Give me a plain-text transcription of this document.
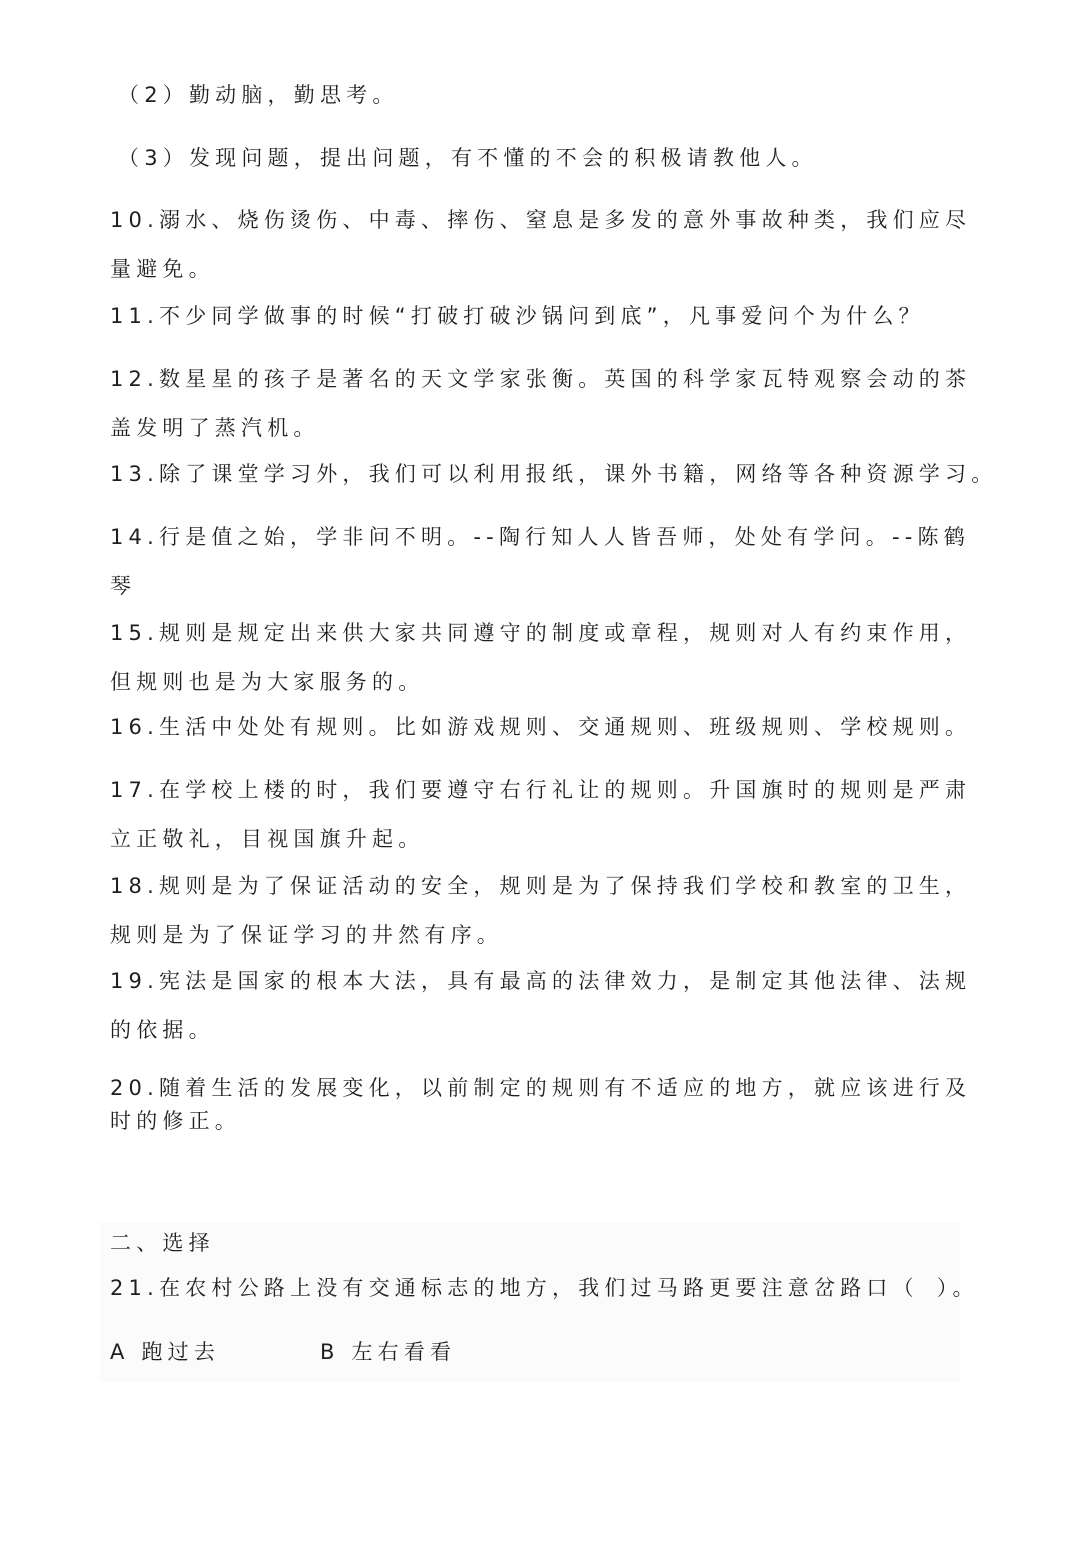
（2）勤动脑，勤思考。
（3）发现问题，提出问题，有不懂的不会的积极请教他人。
10.溺水、烧伤烫伤、中毒、摔伤、窒息是多发的意外事故种类，我们应尽
量避免。
11.不少同学做事的时候“打破打破沙锅问到底”，凡事爱问个为什么？
12.数星星的孩子是著名的天文学家张衡。英国的科学家瓦特观察会动的茶
盖发明了蒸汽机。
13.除了课堂学习外，我们可以利用报纸，课外书籍，网络等各种资源学习。
14.行是值之始，学非问不明。--陶行知人人皆吾师，处处有学问。--陈鹤
琴
15.规则是规定出来供大家共同遵守的制度或章程，规则对人有约束作用，
但规则也是为大家服务的。
16.生活中处处有规则。比如游戏规则、交通规则、班级规则、学校规则。
17.在学校上楼的时，我们要遵守右行礼让的规则。升国旗时的规则是严肃
立正敬礼，目视国旗升起。
18.规则是为了保证活动的安全，规则是为了保持我们学校和教室的卫生，
规则是为了保证学习的井然有序。
19.宪法是国家的根本大法，具有最高的法律效力，是制定其他法律、法规
的依据。
20.随着生活的发展变化，以前制定的规则有不适应的地方，就应该进行及
时的修正。
二、选择
21.在农村公路上没有交通标志的地方，我们过马路更要注意岔路口（ ）。
A 跑过去	B 左右看看
